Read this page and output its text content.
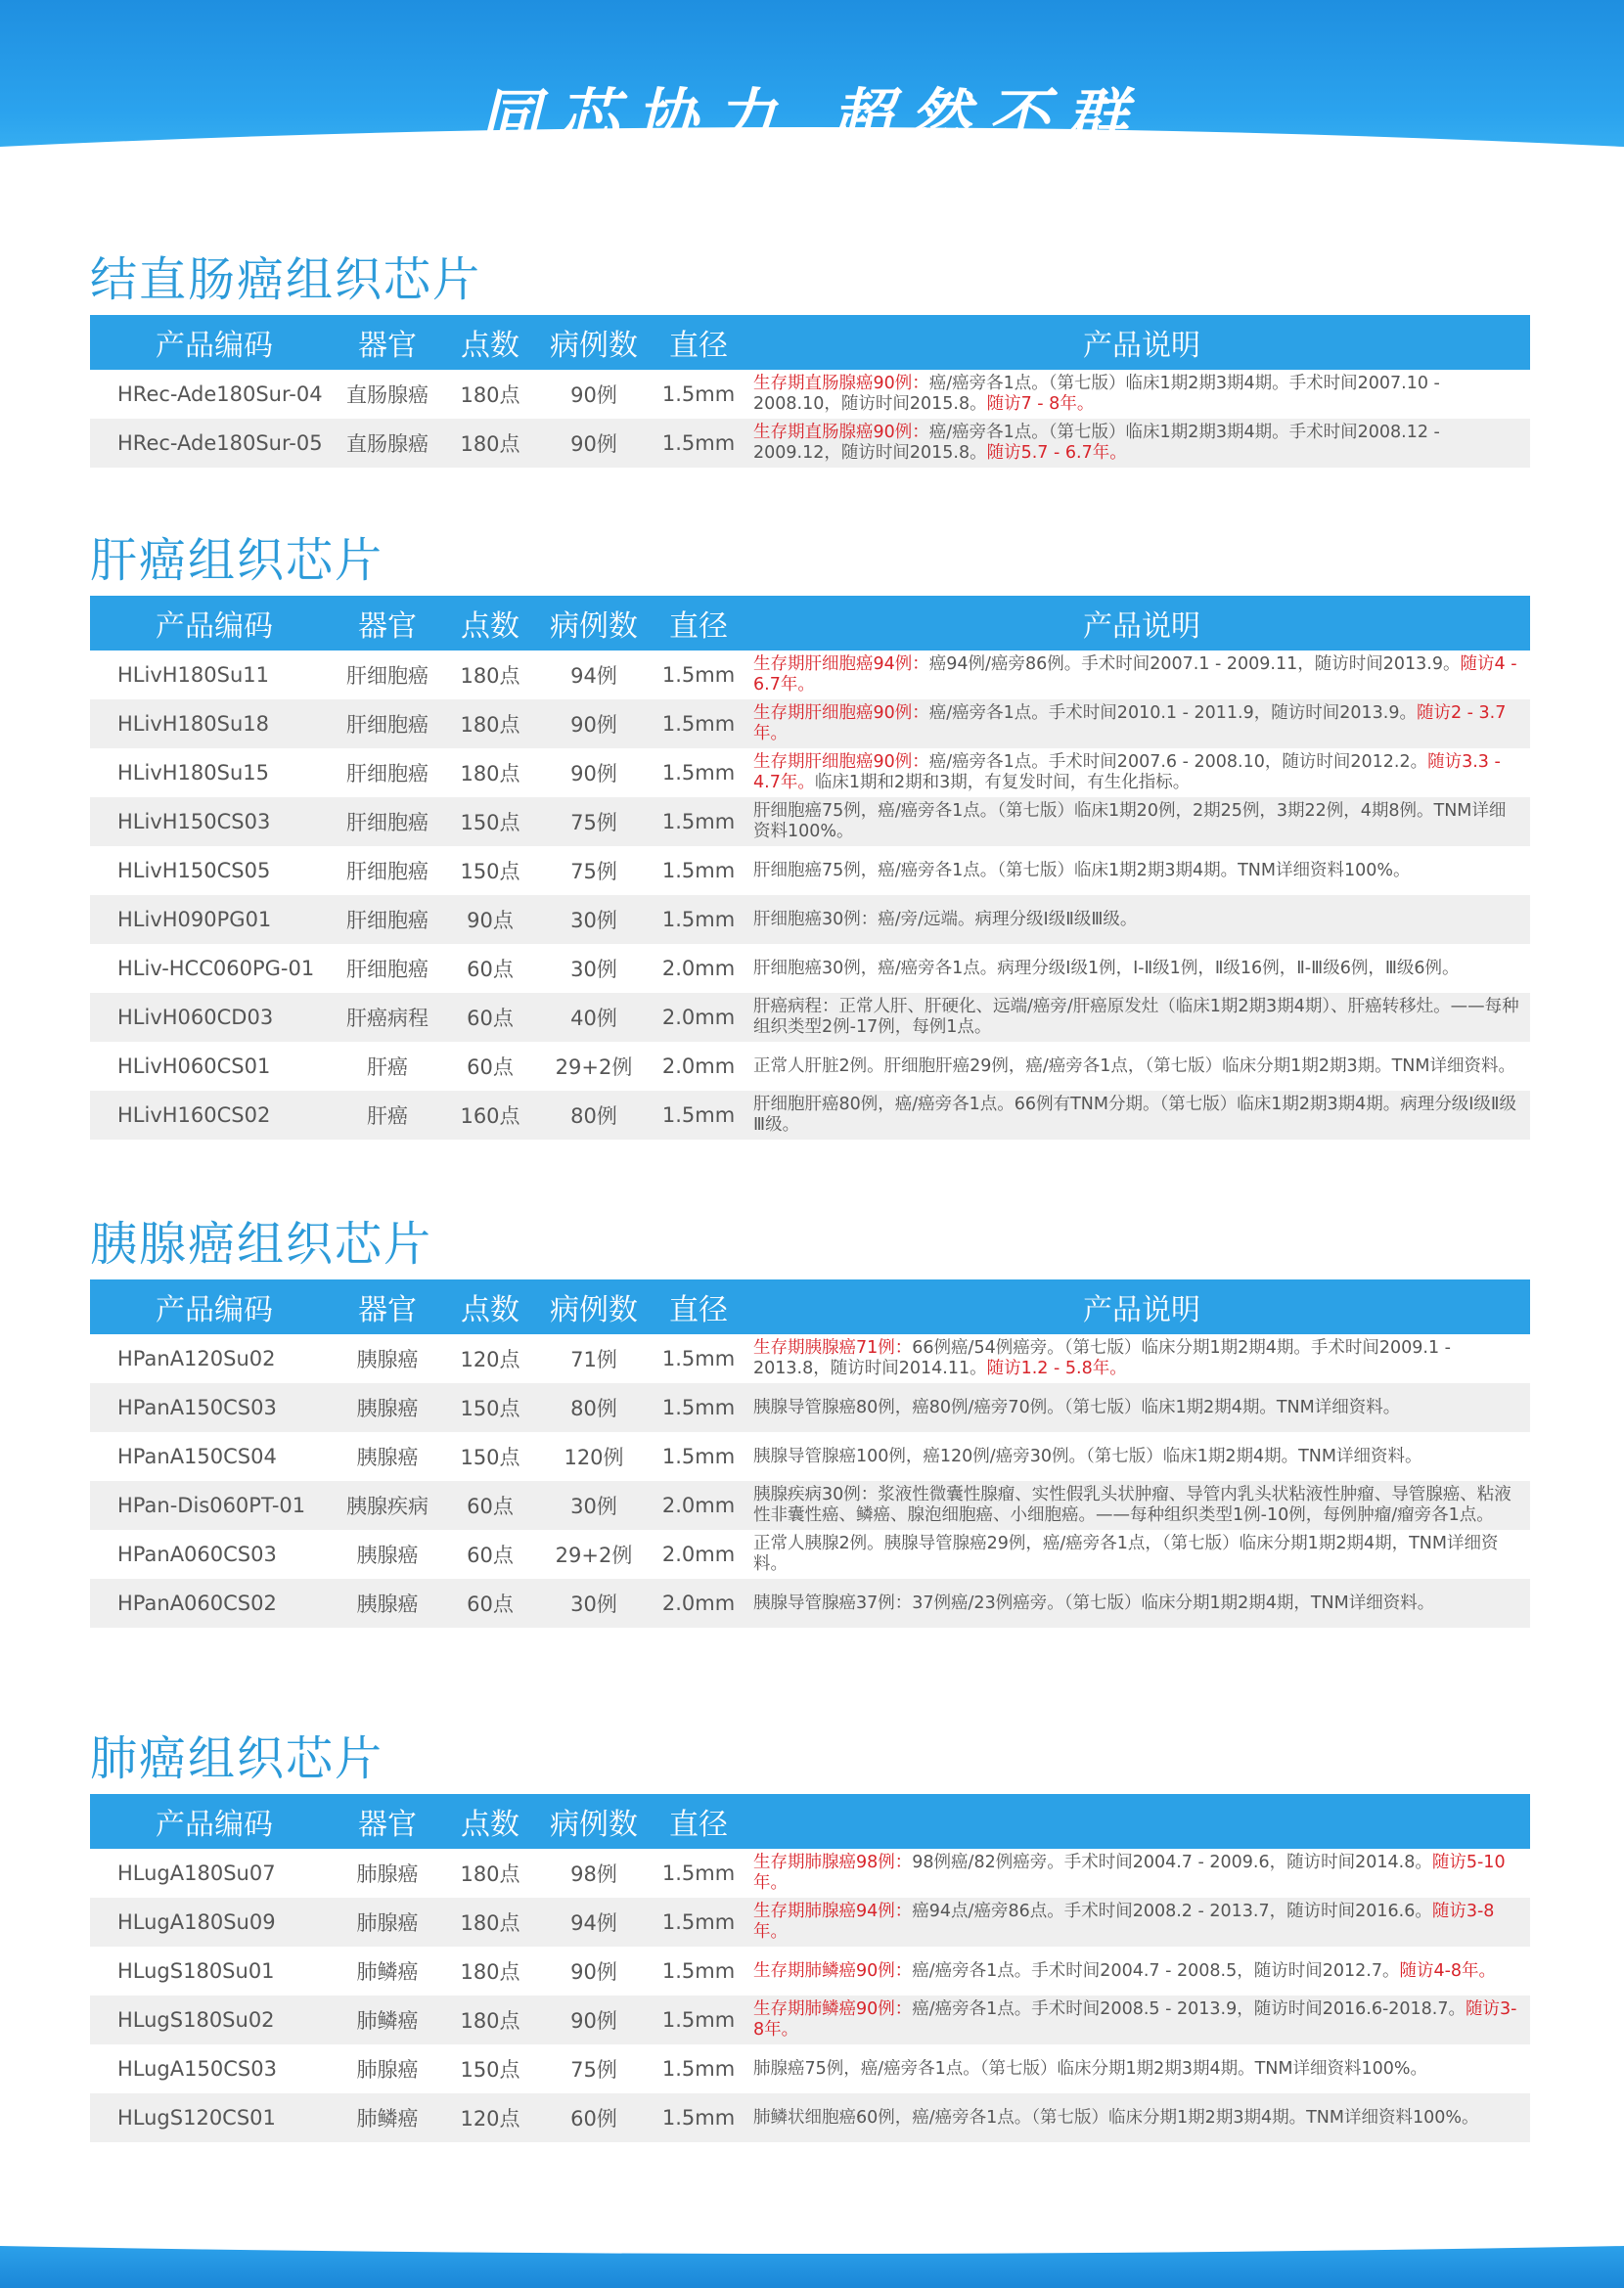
同芯协力 超然不群
结直肠癌组织芯片
产品编码	器官	点数	病例数	直径	产品说明
HRec-Ade180Sur-04	直肠腺癌	180点	90例	1.5mm	生存期直肠腺癌90例：癌/癌旁各1点。（第七版）临床1期2期3期4期。手术时间2007.10 - 2008.10，随访时间2015.8。随访7 - 8年。
HRec-Ade180Sur-05	直肠腺癌	180点	90例	1.5mm	生存期直肠腺癌90例：癌/癌旁各1点。（第七版）临床1期2期3期4期。手术时间2008.12 - 2009.12，随访时间2015.8。随访5.7 - 6.7年。
肝癌组织芯片
产品编码	器官	点数	病例数	直径	产品说明
HLivH180Su11	肝细胞癌	180点	94例	1.5mm	生存期肝细胞癌94例：癌94例/癌旁86例。手术时间2007.1 - 2009.11，随访时间2013.9。随访4 - 6.7年。
HLivH180Su18	肝细胞癌	180点	90例	1.5mm	生存期肝细胞癌90例：癌/癌旁各1点。手术时间2010.1 - 2011.9，随访时间2013.9。随访2 - 3.7年。
HLivH180Su15	肝细胞癌	180点	90例	1.5mm	生存期肝细胞癌90例：癌/癌旁各1点。手术时间2007.6 - 2008.10，随访时间2012.2。随访3.3 - 4.7年。临床1期和2期和3期，有复发时间，有生化指标。
HLivH150CS03	肝细胞癌	150点	75例	1.5mm	肝细胞癌75例，癌/癌旁各1点。（第七版）临床1期20例，2期25例，3期22例，4期8例。TNM详细资料100%。
HLivH150CS05	肝细胞癌	150点	75例	1.5mm	肝细胞癌75例，癌/癌旁各1点。（第七版）临床1期2期3期4期。TNM详细资料100%。
HLivH090PG01	肝细胞癌	90点	30例	1.5mm	肝细胞癌30例：癌/旁/远端。病理分级Ⅰ级Ⅱ级Ⅲ级。
HLiv-HCC060PG-01	肝细胞癌	60点	30例	2.0mm	肝细胞癌30例，癌/癌旁各1点。病理分级Ⅰ级1例，Ⅰ-Ⅱ级1例，Ⅱ级16例，Ⅱ-Ⅲ级6例，Ⅲ级6例。
HLivH060CD03	肝癌病程	60点	40例	2.0mm	肝癌病程：正常人肝、肝硬化、远端/癌旁/肝癌原发灶（临床1期2期3期4期）、肝癌转移灶。——每种组织类型2例-17例，每例1点。
HLivH060CS01	肝癌	60点	29+2例	2.0mm	正常人肝脏2例。肝细胞肝癌29例，癌/癌旁各1点，（第七版）临床分期1期2期3期。TNM详细资料。
HLivH160CS02	肝癌	160点	80例	1.5mm	肝细胞肝癌80例，癌/癌旁各1点。66例有TNM分期。（第七版）临床1期2期3期4期。病理分级Ⅰ级Ⅱ级Ⅲ级。
胰腺癌组织芯片
产品编码	器官	点数	病例数	直径	产品说明
HPanA120Su02	胰腺癌	120点	71例	1.5mm	生存期胰腺癌71例：66例癌/54例癌旁。（第七版）临床分期1期2期4期。手术时间2009.1 - 2013.8，随访时间2014.11。随访1.2 - 5.8年。
HPanA150CS03	胰腺癌	150点	80例	1.5mm	胰腺导管腺癌80例，癌80例/癌旁70例。（第七版）临床1期2期4期。TNM详细资料。
HPanA150CS04	胰腺癌	150点	120例	1.5mm	胰腺导管腺癌100例，癌120例/癌旁30例。（第七版）临床1期2期4期。TNM详细资料。
HPan-Dis060PT-01	胰腺疾病	60点	30例	2.0mm	胰腺疾病30例：浆液性微囊性腺瘤、实性假乳头状肿瘤、导管内乳头状粘液性肿瘤、导管腺癌、粘液性非囊性癌、鳞癌、腺泡细胞癌、小细胞癌。——每种组织类型1例-10例，每例肿瘤/瘤旁各1点。
HPanA060CS03	胰腺癌	60点	29+2例	2.0mm	正常人胰腺2例。胰腺导管腺癌29例，癌/癌旁各1点，（第七版）临床分期1期2期4期，TNM详细资料。
HPanA060CS02	胰腺癌	60点	30例	2.0mm	胰腺导管腺癌37例：37例癌/23例癌旁。（第七版）临床分期1期2期4期，TNM详细资料。
肺癌组织芯片
产品编码	器官	点数	病例数	直径	
HLugA180Su07	肺腺癌	180点	98例	1.5mm	生存期肺腺癌98例：98例癌/82例癌旁。手术时间2004.7 - 2009.6，随访时间2014.8。随访5-10年。
HLugA180Su09	肺腺癌	180点	94例	1.5mm	生存期肺腺癌94例：癌94点/癌旁86点。手术时间2008.2 - 2013.7，随访时间2016.6。随访3-8年。
HLugS180Su01	肺鳞癌	180点	90例	1.5mm	生存期肺鳞癌90例：癌/癌旁各1点。手术时间2004.7 - 2008.5，随访时间2012.7。随访4-8年。
HLugS180Su02	肺鳞癌	180点	90例	1.5mm	生存期肺鳞癌90例：癌/癌旁各1点。手术时间2008.5 - 2013.9，随访时间2016.6-2018.7。随访3-8年。
HLugA150CS03	肺腺癌	150点	75例	1.5mm	肺腺癌75例，癌/癌旁各1点。（第七版）临床分期1期2期3期4期。TNM详细资料100%。
HLugS120CS01	肺鳞癌	120点	60例	1.5mm	肺鳞状细胞癌60例，癌/癌旁各1点。（第七版）临床分期1期2期3期4期。TNM详细资料100%。
